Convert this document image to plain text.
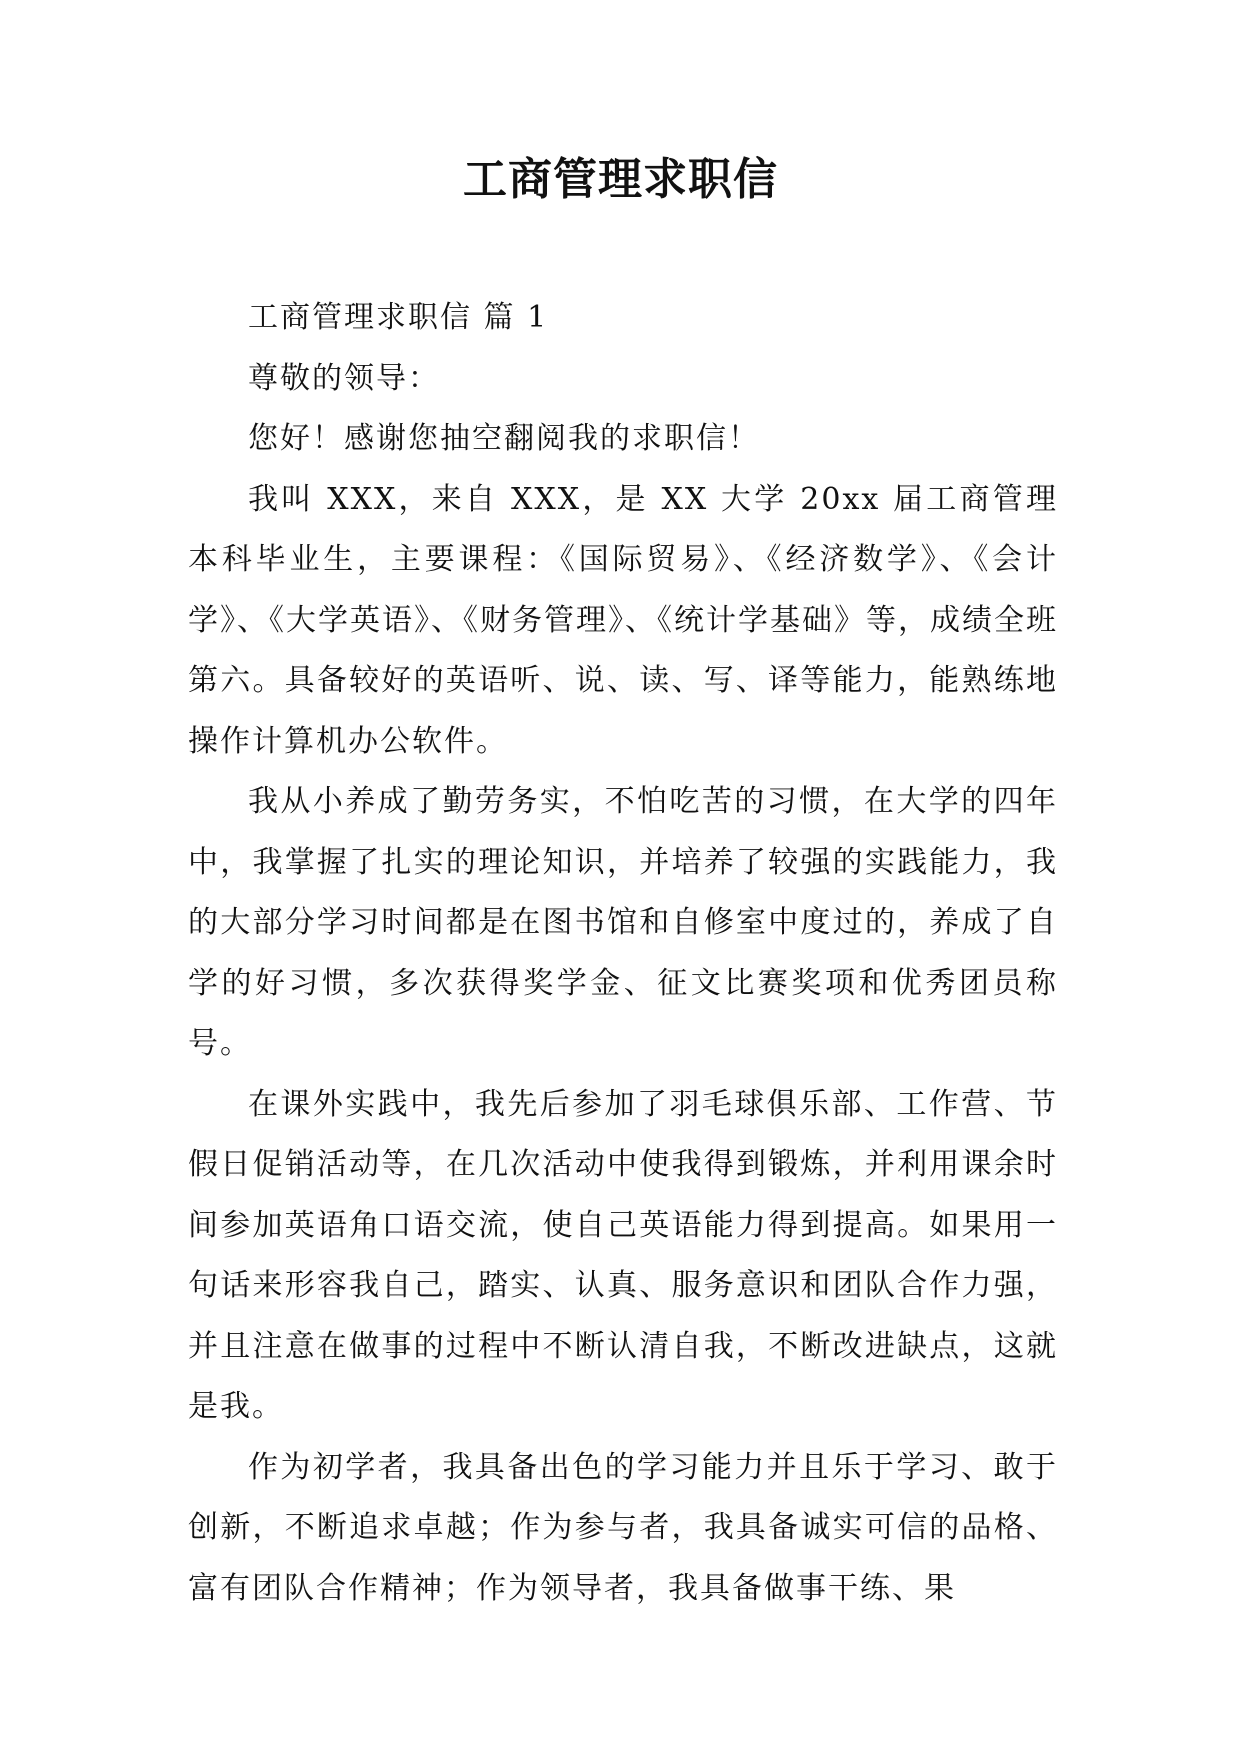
工商管理求职信

工商管理求职信 篇 1

尊敬的领导：

您好！感谢您抽空翻阅我的求职信！

我叫 XXX，来自 XXX，是 XX 大学 20xx 届工商管理本科毕业生，主要课程：《国际贸易》、《经济数学》、《会计学》、《大学英语》、《财务管理》、《统计学基础》等，成绩全班第六。具备较好的英语听、说、读、写、译等能力，能熟练地操作计算机办公软件。

我从小养成了勤劳务实，不怕吃苦的习惯，在大学的四年中，我掌握了扎实的理论知识，并培养了较强的实践能力，我的大部分学习时间都是在图书馆和自修室中度过的，养成了自学的好习惯，多次获得奖学金、征文比赛奖项和优秀团员称号。

在课外实践中，我先后参加了羽毛球俱乐部、工作营、节假日促销活动等，在几次活动中使我得到锻炼，并利用课余时间参加英语角口语交流，使自己英语能力得到提高。如果用一句话来形容我自己，踏实、认真、服务意识和团队合作力强，并且注意在做事的过程中不断认清自我，不断改进缺点，这就是我。

作为初学者，我具备出色的学习能力并且乐于学习、敢于创新，不断追求卓越；作为参与者，我具备诚实可信的品格、富有团队合作精神；作为领导者，我具备做事干练、果
